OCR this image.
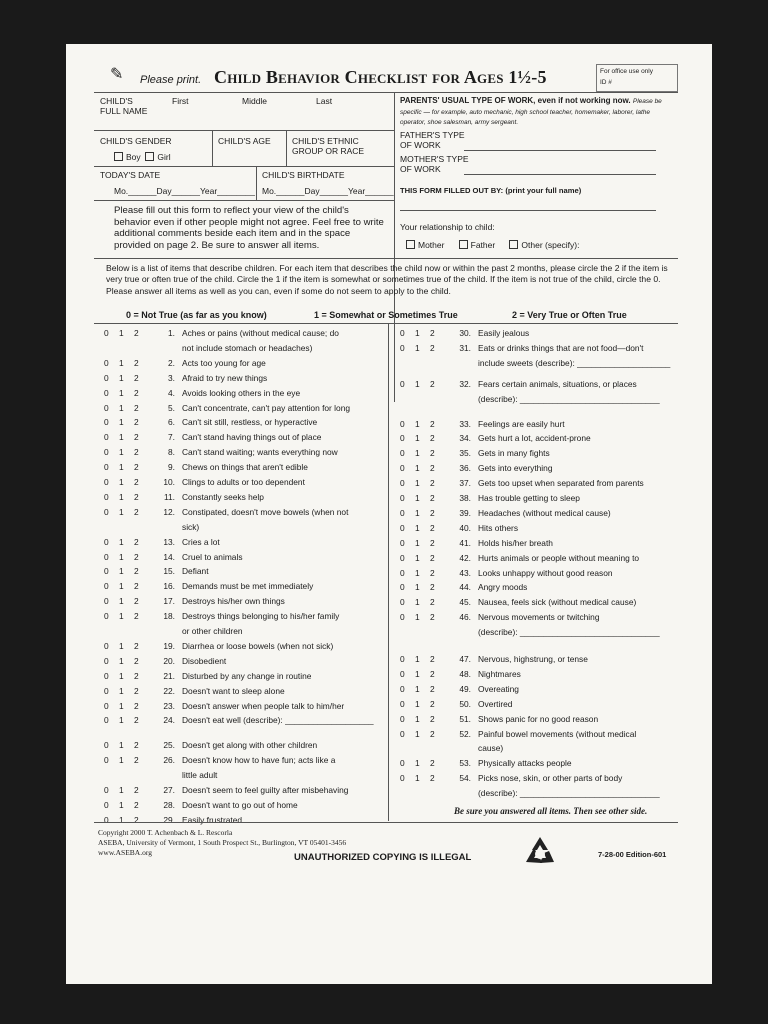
✎ Please print. Child Behavior Checklist for Ages 1½-5	For office use only
ID #
CHILD'S FULL NAME
First	Middle	Last
CHILD'S GENDER
Boy Girl
CHILD'S AGE	CHILD'S ETHNIC GROUP OR RACE
TODAY'S DATE
Mo.______Day______Year________
CHILD'S BIRTHDATE
Mo.______Day______Year______
Please fill out this form to reflect your view of the child's behavior even if other people might not agree. Feel free to write additional comments beside each item and in the space provided on page 2. Be sure to answer all items.
PARENTS' USUAL TYPE OF WORK, even if not working now. Please be specific — for example, auto mechanic, high school teacher, homemaker, laborer, lathe operator, shoe salesman, army sergeant.
FATHER'S TYPE OF WORK
MOTHER'S TYPE OF WORK
THIS FORM FILLED OUT BY: (print your full name)
Your relationship to child:
Mother	Father	Other (specify):
Below is a list of items that describe children. For each item that describes the child now or within the past 2 months, please circle the 2 if the item is very true or often true of the child. Circle the 1 if the item is somewhat or sometimes true of the child. If the item is not true of the child, circle the 0. Please answer all items as well as you can, even if some do not seem to apply to the child.
0 = Not True (as far as you know)	1 = Somewhat or Sometimes True	2 = Very True or Often True
0 1 2	1. Aches or pains (without medical cause; do
not include stomach or headaches)
0 1 2	2. Acts too young for age
0 1 2	3. Afraid to try new things
0 1 2	4. Avoids looking others in the eye
0 1 2	5. Can't concentrate, can't pay attention for long
0 1 2	6. Can't sit still, restless, or hyperactive
0 1 2	7. Can't stand having things out of place
0 1 2	8. Can't stand waiting; wants everything now
0 1 2	9. Chews on things that aren't edible
0 1 2	10. Clings to adults or too dependent
0 1 2	11. Constantly seeks help
0 1 2	12. Constipated, doesn't move bowels (when not
sick)
0 1 2	13. Cries a lot
0 1 2	14. Cruel to animals
0 1 2	15. Defiant
0 1 2	16. Demands must be met immediately
0 1 2	17. Destroys his/her own things
0 1 2	18. Destroys things belonging to his/her family
or other children
0 1 2	19. Diarrhea or loose bowels (when not sick)
0 1 2	20. Disobedient
0 1 2	21. Disturbed by any change in routine
0 1 2	22. Doesn't want to sleep alone
0 1 2	23. Doesn't answer when people talk to him/her
0 1 2	24. Doesn't eat well (describe): ___________________
0 1 2	25. Doesn't get along with other children
0 1 2	26. Doesn't know how to have fun; acts like a
little adult
0 1 2	27. Doesn't seem to feel guilty after misbehaving
0 1 2	28. Doesn't want to go out of home
0 1 2	29. Easily frustrated
0 1 2	30. Easily jealous
0 1 2	31. Eats or drinks things that are not food—don't
include sweets (describe): ____________________
0 1 2	32. Fears certain animals, situations, or places
(describe): ______________________________
0 1 2	33. Feelings are easily hurt
0 1 2	34. Gets hurt a lot, accident-prone
0 1 2	35. Gets in many fights
0 1 2	36. Gets into everything
0 1 2	37. Gets too upset when separated from parents
0 1 2	38. Has trouble getting to sleep
0 1 2	39. Headaches (without medical cause)
0 1 2	40. Hits others
0 1 2	41. Holds his/her breath
0 1 2	42. Hurts animals or people without meaning to
0 1 2	43. Looks unhappy without good reason
0 1 2	44. Angry moods
0 1 2	45. Nausea, feels sick (without medical cause)
0 1 2	46. Nervous movements or twitching
(describe): ______________________________
0 1 2	47. Nervous, highstrung, or tense
0 1 2	48. Nightmares
0 1 2	49. Overeating
0 1 2	50. Overtired
0 1 2	51. Shows panic for no good reason
0 1 2	52. Painful bowel movements (without medical
cause)
0 1 2	53. Physically attacks people
0 1 2	54. Picks nose, skin, or other parts of body
(describe): ______________________________
Be sure you answered all items. Then see other side.
Copyright 2000 T. Achenbach & L. Rescorla
ASEBA, University of Vermont, 1 South Prospect St., Burlington, VT 05401-3456
www.ASEBA.org	UNAUTHORIZED COPYING IS ILLEGAL	7-28-00 Edition-601
